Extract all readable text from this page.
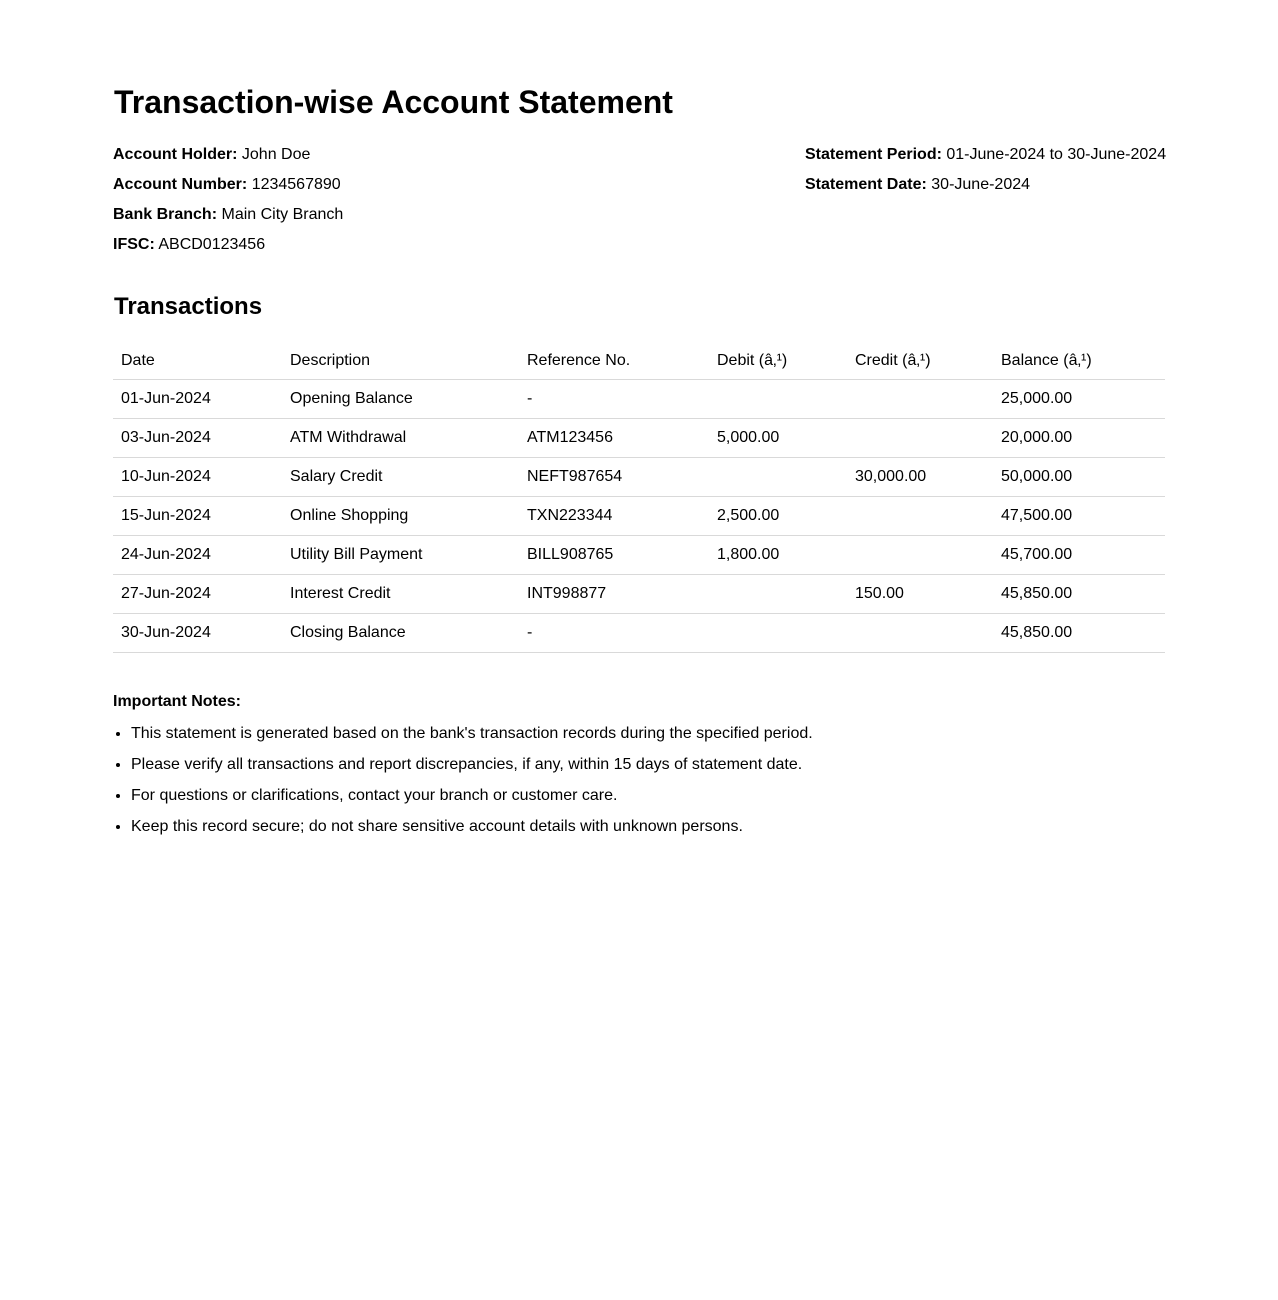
Transaction-wise Account Statement
Account Holder: John Doe
Account Number: 1234567890
Bank Branch: Main City Branch
IFSC: ABCD0123456
Statement Period: 01-June-2024 to 30-June-2024
Statement Date: 30-June-2024
Transactions
Date	Description	Reference No.	Debit (â‚¹)	Credit (â‚¹)	Balance (â‚¹)
01-Jun-2024	Opening Balance	-			25,000.00
03-Jun-2024	ATM Withdrawal	ATM123456	5,000.00		20,000.00
10-Jun-2024	Salary Credit	NEFT987654		30,000.00	50,000.00
15-Jun-2024	Online Shopping	TXN223344	2,500.00		47,500.00
24-Jun-2024	Utility Bill Payment	BILL908765	1,800.00		45,700.00
27-Jun-2024	Interest Credit	INT998877		150.00	45,850.00
30-Jun-2024	Closing Balance	-			45,850.00
Important Notes:
• This statement is generated based on the bank's transaction records during the specified period.
• Please verify all transactions and report discrepancies, if any, within 15 days of statement date.
• For questions or clarifications, contact your branch or customer care.
• Keep this record secure; do not share sensitive account details with unknown persons.
